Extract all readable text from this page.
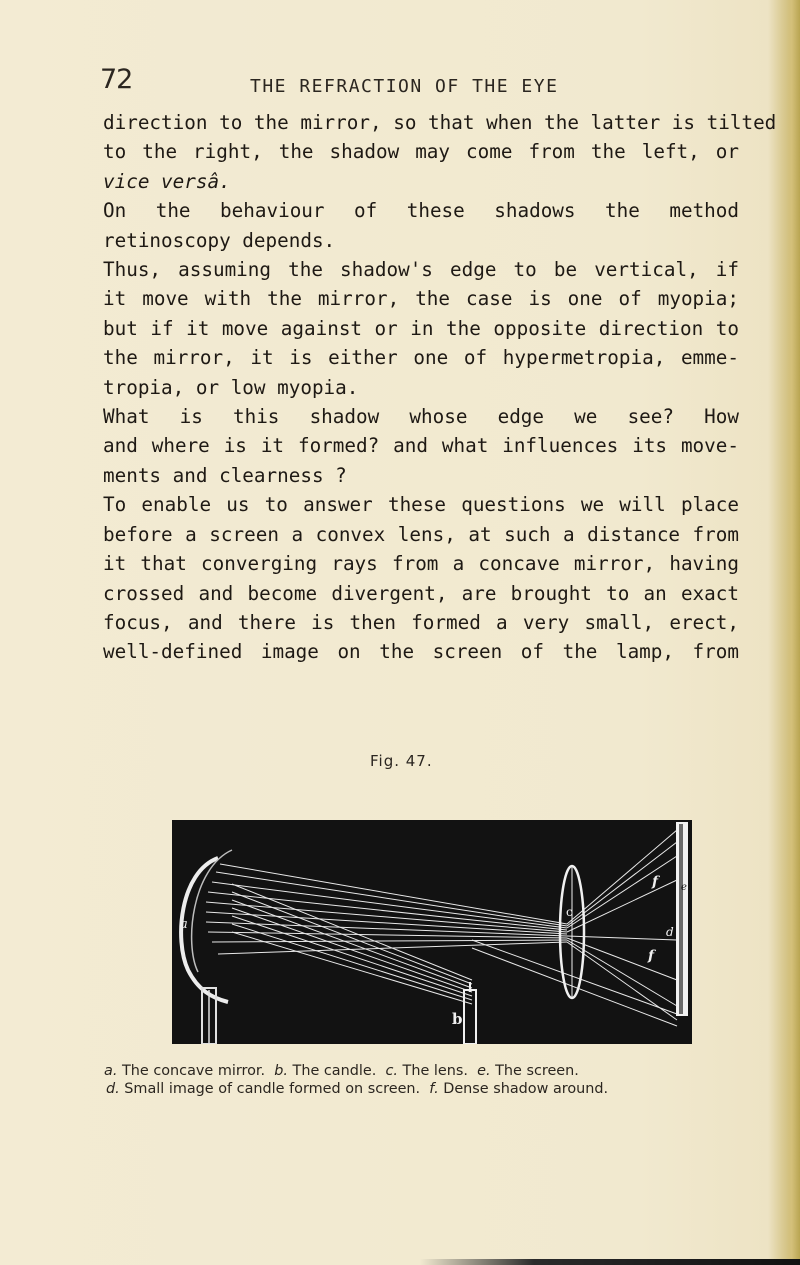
72	THE REFRACTION OF THE EYE
direction to the mirror, so that when the latter is tilted
to the right, the shadow may come from the left, or
vice versâ.
On the behaviour of these shadows the method
retinoscopy depends.
Thus, assuming the shadow's edge to be vertical, if
it move with the mirror, the case is one of myopia;
but if it move against or in the opposite direction to
the mirror, it is either one of hypermetropia, emme-
tropia, or low myopia.
What is this shadow whose edge we see? How
and where is it formed? and what influences its move-
ments and clearness ?
To enable us to answer these questions we will place
before a screen a convex lens, at such a distance from
it that converging rays from a concave mirror, having
crossed and become divergent, are brought to an exact
focus, and there is then formed a very small, erect,
well-defined image on the screen of the lamp, from
Fig. 47.
a
b
c
d
e
f
f
a. The concave mirror. b. The candle. c. The lens. e. The screen.
d. Small image of candle formed on screen. f. Dense shadow around.
